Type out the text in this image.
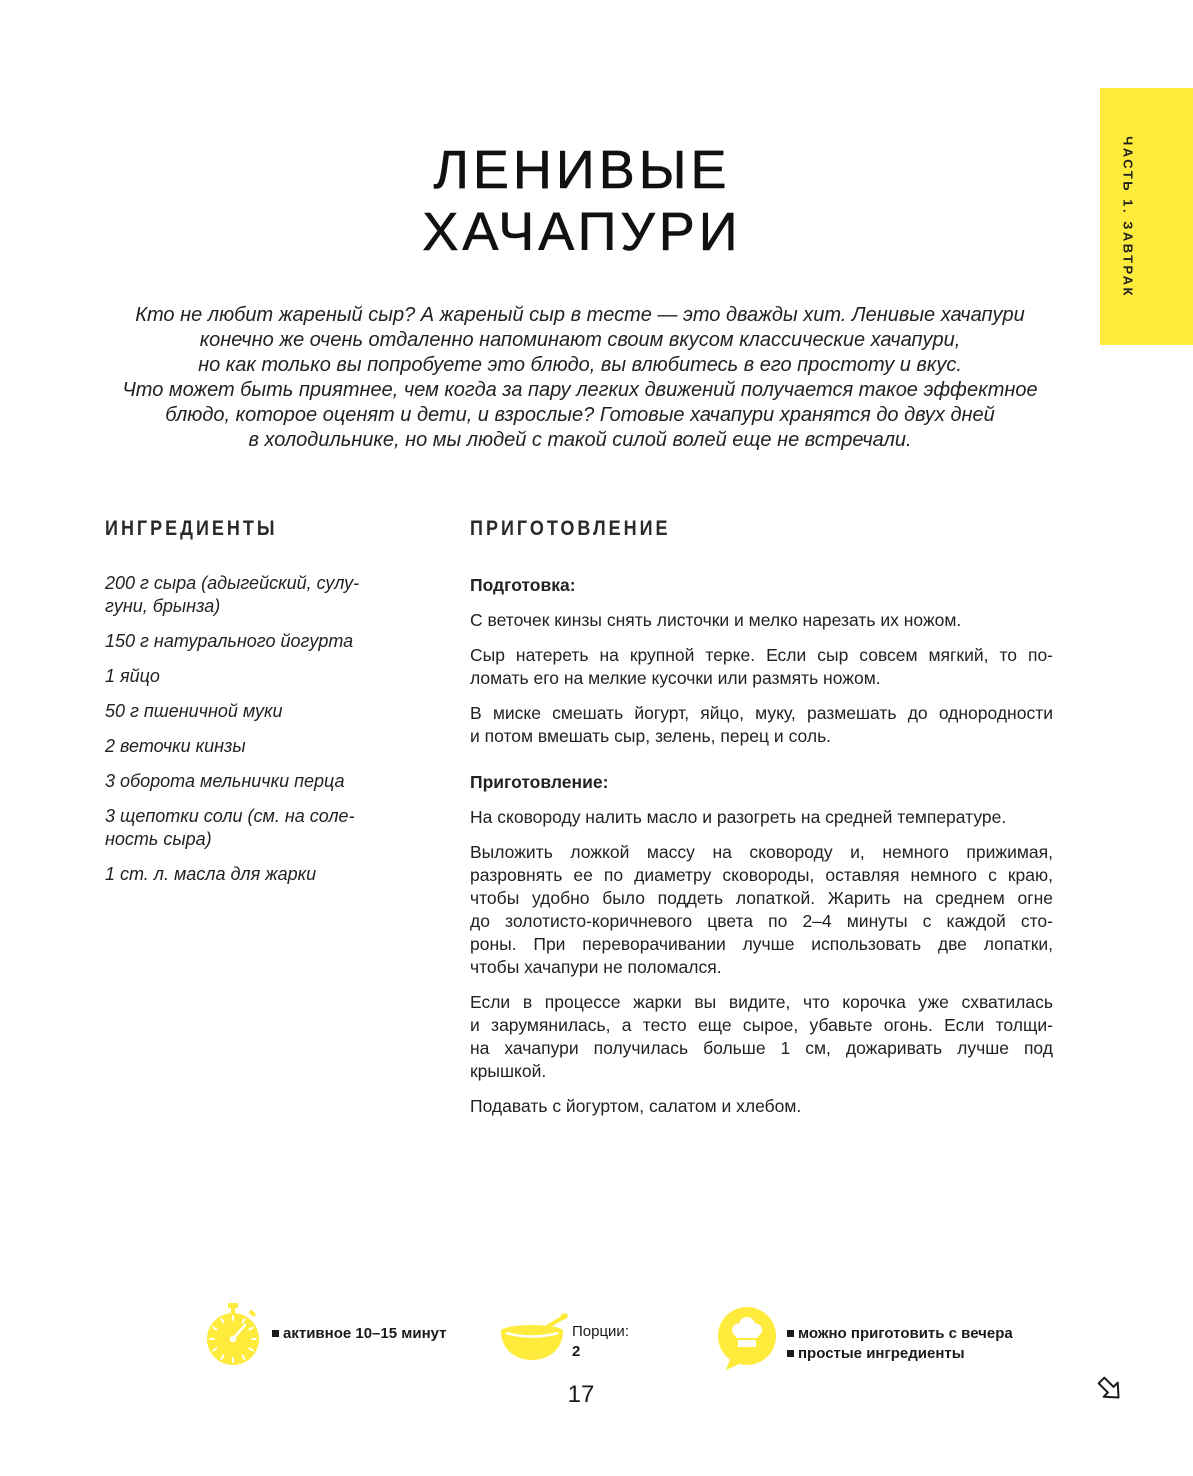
ЧАСТЬ 1. ЗАВТРАК
ЛЕНИВЫЕ
ХАЧАПУРИ
Кто не любит жареный сыр? А жареный сыр в тесте — это дважды хит. Ленивые хачапури
конечно же очень отдаленно напоминают своим вкусом классические хачапури,
но как только вы попробуете это блюдо, вы влюбитесь в его простоту и вкус.
Что может быть приятнее, чем когда за пару легких движений получается такое эффектное
блюдо, которое оценят и дети, и взрослые? Готовые хачапури хранятся до двух дней
в холодильнике, но мы людей с такой силой волей еще не встречали.
ИНГРЕДИЕНТЫ	ПРИГОТОВЛЕНИЕ
200 г сыра (адыгейский, сулу-
гуни, брынза)
150 г натурального йогурта
1 яйцо
50 г пшеничной муки
2 веточки кинзы
3 оборота мельнички перца
3 щепотки соли (см. на соле-
ность сыра)
1 ст. л. масла для жарки
Подготовка:
С веточек кинзы снять листочки и мелко нарезать их ножом.
Сыр натереть на крупной терке. Если сыр совсем мягкий, то по-
ломать его на мелкие кусочки или размять ножом.
В миске смешать йогурт, яйцо, муку, размешать до однородности
и потом вмешать сыр, зелень, перец и соль.
Приготовление:
На сковороду налить масло и разогреть на средней температуре.
Выложить ложкой массу на сковороду и, немного прижимая,
разровнять ее по диаметру сковороды, оставляя немного с краю,
чтобы удобно было поддеть лопаткой. Жарить на среднем огне
до золотисто-коричневого цвета по 2–4 минуты с каждой сто-
роны. При переворачивании лучше использовать две лопатки,
чтобы хачапури не поломался.
Если в процессе жарки вы видите, что корочка уже схватилась
и зарумянилась, а тесто еще сырое, убавьте огонь. Если толщи-
на хачапури получилась больше 1 см, дожаривать лучше под
крышкой.
Подавать с йогуртом, салатом и хлебом.
активное 10–15 минут	Порции:
2
можно приготовить с вечера
простые ингредиенты
17
